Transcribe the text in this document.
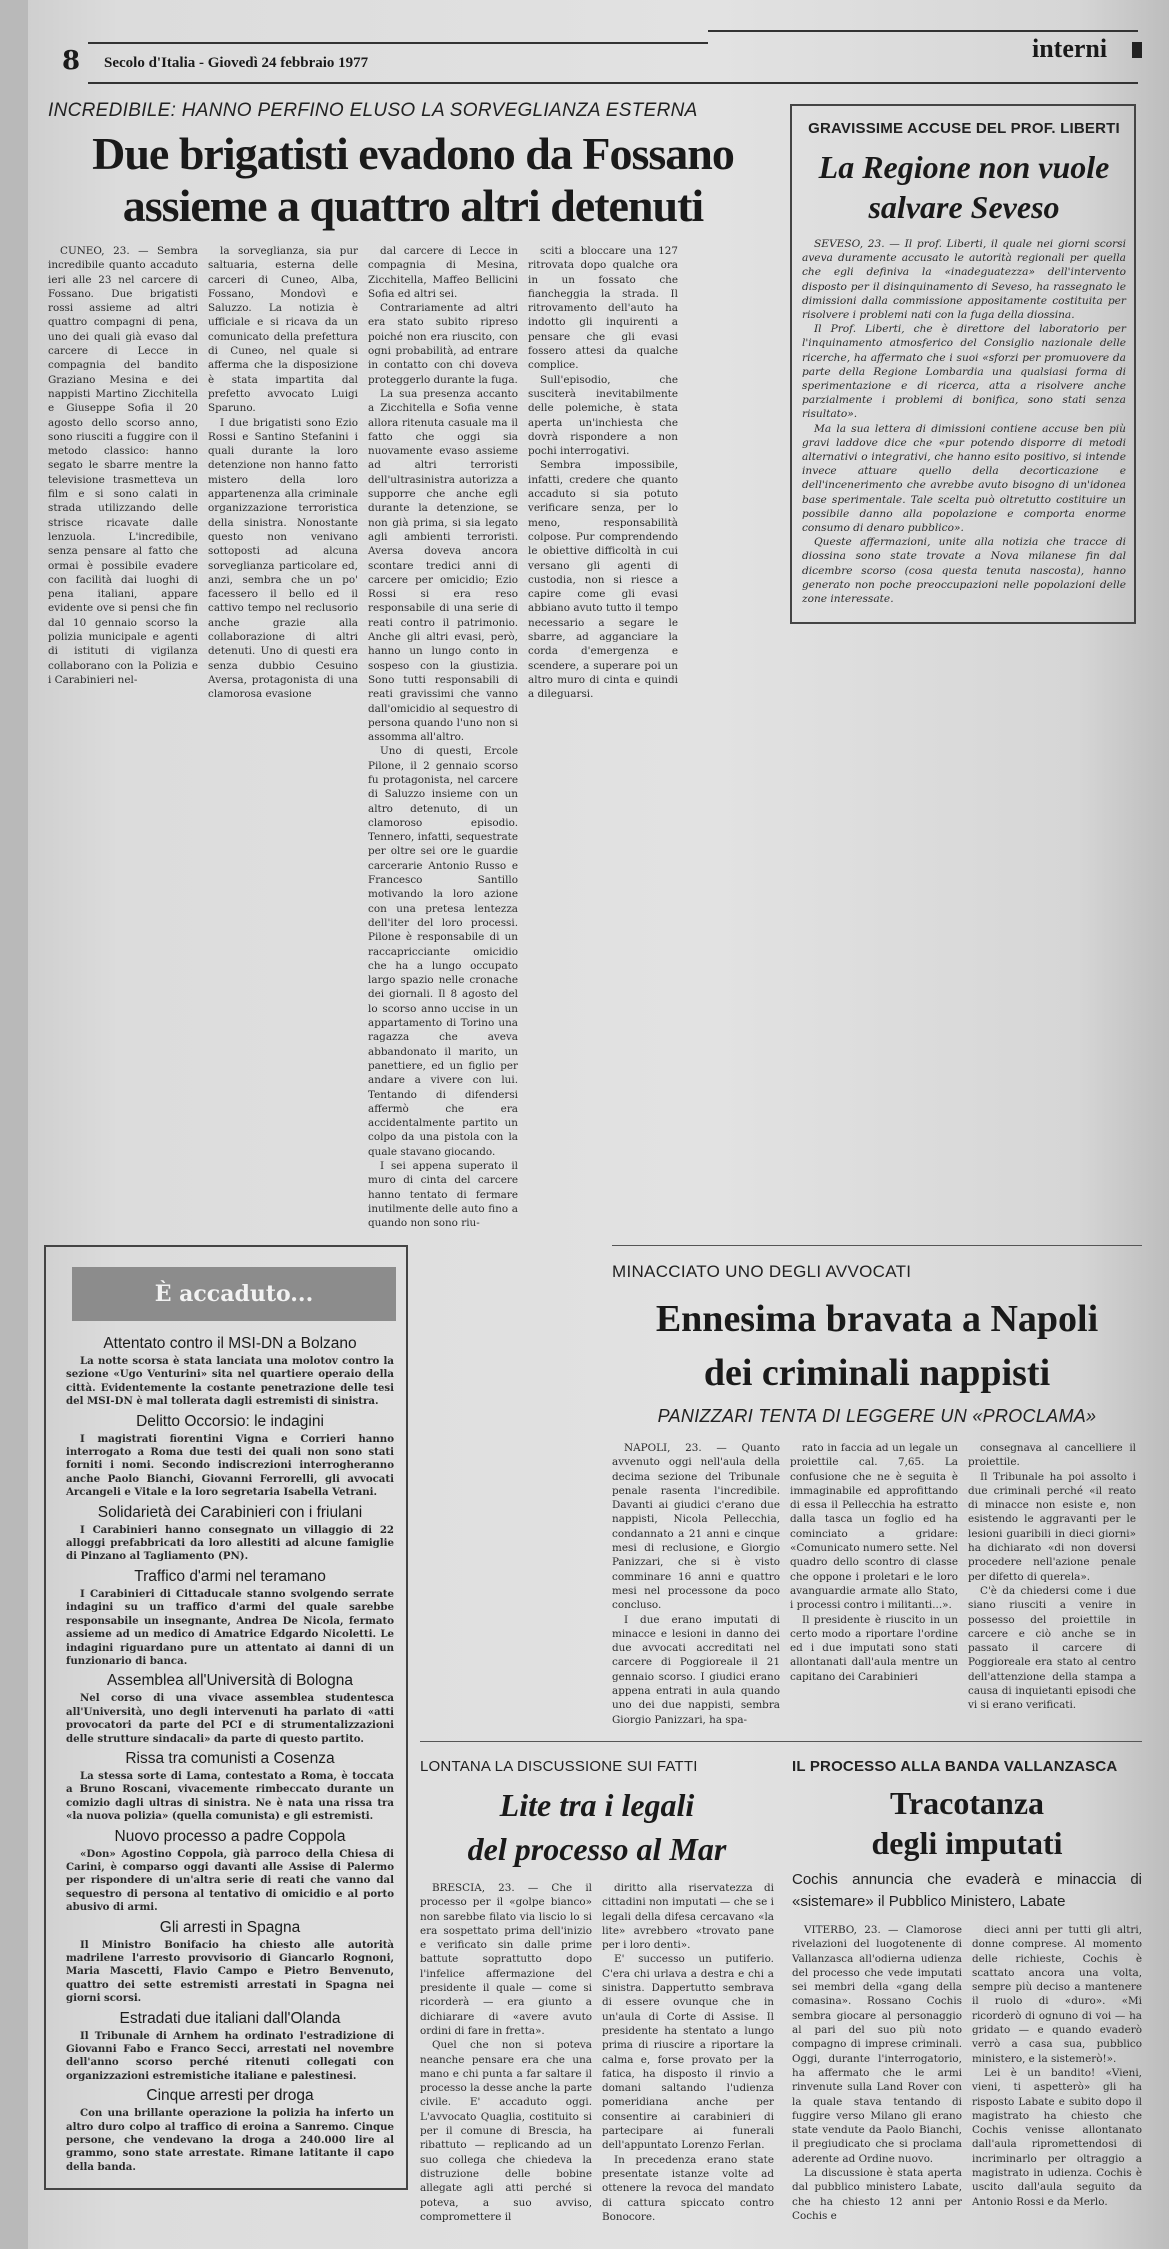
8 Secolo d'Italia - Giovedì 24 febbraio 1977	interni
INCREDIBILE: HANNO PERFINO ELUSO LA SORVEGLIANZA ESTERNA
Due brigatisti evadono da Fossano
assieme a quattro altri detenuti

CUNEO, 23. — Sembra incredibile quanto accaduto ieri alle 23 nel carcere di Fossano. Due brigatisti rossi assieme ad altri quattro compagni di pena, uno dei quali già evaso dal carcere di Lecce in compagnia del bandito Graziano Mesina e dei nappisti Martino Zicchitella e Giuseppe Sofia il 20 agosto dello scorso anno, sono riusciti a fuggire con il metodo classico: hanno segato le sbarre mentre la televisione trasmetteva un film e si sono calati in strada utilizzando delle strisce ricavate dalle lenzuola. L'incredibile, senza pensare al fatto che ormai è possibile evadere con facilità dai luoghi di pena italiani, appare evidente ove si pensi che fin dal 10 gennaio scorso la polizia municipale e agenti di istituti di vigilanza collaborano con la Polizia e i Carabinieri nel-

la sorveglianza, sia pur saltuaria, esterna delle carceri di Cuneo, Alba, Fossano, Mondovì e Saluzzo. La notizia è ufficiale e si ricava da un comunicato della prefettura di Cuneo, nel quale si afferma che la disposizione è stata impartita dal prefetto avvocato Luigi Sparuno.

I due brigatisti sono Ezio Rossi e Santino Stefanini i quali durante la loro detenzione non hanno fatto mistero della loro appartenenza alla criminale organizzazione terroristica della sinistra. Nonostante questo non venivano sottoposti ad alcuna sorveglianza particolare ed, anzi, sembra che un po' facessero il bello ed il cattivo tempo nel reclusorio anche grazie alla collaborazione di altri detenuti. Uno di questi era senza dubbio Cesuino Aversa, protagonista di una clamorosa evasione

dal carcere di Lecce in compagnia di Mesina, Zicchitella, Maffeo Bellicini Sofia ed altri sei.

Contrariamente ad altri era stato subito ripreso poiché non era riuscito, con ogni probabilità, ad entrare in contatto con chi doveva proteggerlo durante la fuga.

La sua presenza accanto a Zicchitella e Sofia venne allora ritenuta casuale ma il fatto che oggi sia nuovamente evaso assieme ad altri terroristi dell'ultrasinistra autorizza a supporre che anche egli durante la detenzione, se non già prima, si sia legato agli ambienti terroristi. Aversa doveva ancora scontare tredici anni di carcere per omicidio; Ezio Rossi si era reso responsabile di una serie di reati contro il patrimonio. Anche gli altri evasi, però, hanno un lungo conto in sospeso con la giustizia. Sono tutti responsabili di reati gravissimi che vanno dall'omicidio al sequestro di persona quando l'uno non si assomma all'altro.

Uno di questi, Ercole Pilone, il 2 gennaio scorso fu protagonista, nel carcere di Saluzzo insieme con un altro detenuto, di un clamoroso episodio. Tennero, infatti, sequestrate per oltre sei ore le guardie carcerarie Antonio Russo e Francesco Santillo motivando la loro azione con una pretesa lentezza dell'iter del loro processi. Pilone è responsabile di un raccapricciante omicidio che ha a lungo occupato largo spazio nelle cronache dei giornali. Il 8 agosto del lo scorso anno uccise in un appartamento di Torino una ragazza che aveva abbandonato il marito, un panettiere, ed un figlio per andare a vivere con lui. Tentando di difendersi affermò che era accidentalmente partito un colpo da una pistola con la quale stavano giocando.

I sei appena superato il muro di cinta del carcere hanno tentato di fermare inutilmente delle auto fino a quando non sono riu-

sciti a bloccare una 127 ritrovata dopo qualche ora in un fossato che fiancheggia la strada. Il ritrovamento dell'auto ha indotto gli inquirenti a pensare che gli evasi fossero attesi da qualche complice.

Sull'episodio, che susciterà inevitabilmente delle polemiche, è stata aperta un'inchiesta che dovrà rispondere a non pochi interrogativi.

Sembra impossibile, infatti, credere che quanto accaduto si sia potuto verificare senza, per lo meno, responsabilità colpose. Pur comprendendo le obiettive difficoltà in cui versano gli agenti di custodia, non si riesce a capire come gli evasi abbiano avuto tutto il tempo necessario a segare le sbarre, ad agganciare la corda d'emergenza e scendere, a superare poi un altro muro di cinta e quindi a dileguarsi.

È accaduto...
Attentato contro il MSI-DN a Bolzano

La notte scorsa è stata lanciata una molotov contro la sezione «Ugo Venturini» sita nel quartiere operaio della città. Evidentemente la costante penetrazione delle tesi del MSI-DN è mal tollerata dagli estremisti di sinistra.

Delitto Occorsio: le indagini

I magistrati fiorentini Vigna e Corrieri hanno interrogato a Roma due testi dei quali non sono stati forniti i nomi. Secondo indiscrezioni interrogheranno anche Paolo Bianchi, Giovanni Ferrorelli, gli avvocati Arcangeli e Vitale e la loro segretaria Isabella Vetrani.

Solidarietà dei Carabinieri con i friulani

I Carabinieri hanno consegnato un villaggio di 22 alloggi prefabbricati da loro allestiti ad alcune famiglie di Pinzano al Tagliamento (PN).

Traffico d'armi nel teramano

I Carabinieri di Cittaducale stanno svolgendo serrate indagini su un traffico d'armi del quale sarebbe responsabile un insegnante, Andrea De Nicola, fermato assieme ad un medico di Amatrice Edgardo Nicoletti. Le indagini riguardano pure un attentato ai danni di un funzionario di banca.

Assemblea all'Università di Bologna

Nel corso di una vivace assemblea studentesca all'Università, uno degli intervenuti ha parlato di «atti provocatori da parte del PCI e di strumentalizzazioni delle strutture sindacali» da parte di questo partito.

Rissa tra comunisti a Cosenza

La stessa sorte di Lama, contestato a Roma, è toccata a Bruno Roscani, vivacemente rimbeccato durante un comizio dagli ultras di sinistra. Ne è nata una rissa tra «la nuova polizia» (quella comunista) e gli estremisti.

Nuovo processo a padre Coppola

«Don» Agostino Coppola, già parroco della Chiesa di Carini, è comparso oggi davanti alle Assise di Palermo per rispondere di un'altra serie di reati che vanno dal sequestro di persona al tentativo di omicidio e al porto abusivo di armi.

Gli arresti in Spagna

Il Ministro Bonifacio ha chiesto alle autorità madrilene l'arresto provvisorio di Giancarlo Rognoni, Maria Mascetti, Flavio Campo e Pietro Benvenuto, quattro dei sette estremisti arrestati in Spagna nei giorni scorsi.

Estradati due italiani dall'Olanda

Il Tribunale di Arnhem ha ordinato l'estradizione di Giovanni Fabo e Franco Secci, arrestati nel novembre dell'anno scorso perché ritenuti collegati con organizzazioni estremistiche italiane e palestinesi.

Cinque arresti per droga

Con una brillante operazione la polizia ha inferto un altro duro colpo al traffico di eroina a Sanremo. Cinque persone, che vendevano la droga a 240.000 lire al grammo, sono state arrestate. Rimane latitante il capo della banda.

GRAVISSIME ACCUSE DEL PROF. LIBERTI
La Regione non vuole
salvare Seveso

SEVESO, 23. — Il prof. Liberti, il quale nei giorni scorsi aveva duramente accusato le autorità regionali per quella che egli definiva la «inadeguatezza» dell'intervento disposto per il disinquinamento di Seveso, ha rassegnato le dimissioni dalla commissione appositamente costituita per risolvere i problemi nati con la fuga della diossina.

Il Prof. Liberti, che è direttore del laboratorio per l'inquinamento atmosferico del Consiglio nazionale delle ricerche, ha affermato che i suoi «sforzi per promuovere da parte della Regione Lombardia una qualsiasi forma di sperimentazione e di ricerca, atta a risolvere anche parzialmente i problemi di bonifica, sono stati senza risultato».

Ma la sua lettera di dimissioni contiene accuse ben più gravi laddove dice che «pur potendo disporre di metodi alternativi o integrativi, che hanno esito positivo, si intende invece attuare quello della decorticazione e dell'incenerimento che avrebbe avuto bisogno di un'idonea base sperimentale. Tale scelta può oltretutto costituire un possibile danno alla popolazione e comporta enorme consumo di denaro pubblico».

Queste affermazioni, unite alla notizia che tracce di diossina sono state trovate a Nova milanese fin dal dicembre scorso (cosa questa tenuta nascosta), hanno generato non poche preoccupazioni nelle popolazioni delle zone interessate.

MINACCIATO UNO DEGLI AVVOCATI
Ennesima bravata a Napoli
dei criminali nappisti
PANIZZARI TENTA DI LEGGERE UN «PROCLAMA»

NAPOLI, 23. — Quanto avvenuto oggi nell'aula della decima sezione del Tribunale penale rasenta l'incredibile. Davanti ai giudici c'erano due nappisti, Nicola Pellecchia, condannato a 21 anni e cinque mesi di reclusione, e Giorgio Panizzari, che si è visto comminare 16 anni e quattro mesi nel processone da poco concluso.

I due erano imputati di minacce e lesioni in danno dei due avvocati accreditati nel carcere di Poggioreale il 21 gennaio scorso. I giudici erano appena entrati in aula quando uno dei due nappisti, sembra Giorgio Panizzari, ha spa-

rato in faccia ad un legale un proiettile cal. 7,65. La confusione che ne è seguita è immaginabile ed approfittando di essa il Pellecchia ha estratto dalla tasca un foglio ed ha cominciato a gridare: «Comunicato numero sette. Nel quadro dello scontro di classe che oppone i proletari e le loro avanguardie armate allo Stato, i processi contro i militanti...».

Il presidente è riuscito in un certo modo a riportare l'ordine ed i due imputati sono stati allontanati dall'aula mentre un capitano dei Carabinieri

consegnava al cancelliere il proiettile.

Il Tribunale ha poi assolto i due criminali perché «il reato di minacce non esiste e, non esistendo le aggravanti per le lesioni guaribili in dieci giorni» ha dichiarato «di non doversi procedere nell'azione penale per difetto di querela».

C'è da chiedersi come i due siano riusciti a venire in possesso del proiettile in carcere e ciò anche se in passato il carcere di Poggioreale era stato al centro dell'attenzione della stampa a causa di inquietanti episodi che vi si erano verificati.

LONTANA LA DISCUSSIONE SUI FATTI
Lite tra i legali
del processo al Mar

BRESCIA, 23. — Che il processo per il «golpe bianco» non sarebbe filato via liscio lo si era sospettato prima dell'inizio e verificato sin dalle prime battute soprattutto dopo l'infelice affermazione del presidente il quale — come si ricorderà — era giunto a dichiarare di «avere avuto ordini di fare in fretta».

Quel che non si poteva neanche pensare era che una mano e chi punta a far saltare il processo la desse anche la parte civile. E' accaduto oggi. L'avvocato Quaglia, costituito si per il comune di Brescia, ha ribattuto — replicando ad un suo collega che chiedeva la distruzione delle bobine allegate agli atti perché si poteva, a suo avviso, compromettere il

diritto alla riservatezza di cittadini non imputati — che se i legali della difesa cercavano «la lite» avrebbero «trovato pane per i loro denti».

E' successo un putiferio. C'era chi urlava a destra e chi a sinistra. Dappertutto sembrava di essere ovunque che in un'aula di Corte di Assise. Il presidente ha stentato a lungo prima di riuscire a riportare la calma e, forse provato per la fatica, ha disposto il rinvio a domani saltando l'udienza pomeridiana anche per consentire ai carabinieri di partecipare ai funerali dell'appuntato Lorenzo Ferlan.

In precedenza erano state presentate istanze volte ad ottenere la revoca del mandato di cattura spiccato contro Bonocore.

IL PROCESSO ALLA BANDA VALLANZASCA
Tracotanza
degli imputati
Cochis annuncia che evaderà e minaccia di «sistemare» il Pubblico Ministero, Labate

VITERBO, 23. — Clamorose rivelazioni del luogotenente di Vallanzasca all'odierna udienza del processo che vede imputati sei membri della «gang della comasina». Rossano Cochis sembra giocare al personaggio al pari del suo più noto compagno di imprese criminali. Oggi, durante l'interrogatorio, ha affermato che le armi rinvenute sulla Land Rover con la quale stava tentando di fuggire verso Milano gli erano state vendute da Paolo Bianchi, il pregiudicato che si proclama aderente ad Ordine nuovo.

La discussione è stata aperta dal pubblico ministero Labate, che ha chiesto 12 anni per Cochis e

dieci anni per tutti gli altri, donne comprese. Al momento delle richieste, Cochis è scattato ancora una volta, sempre più deciso a mantenere il ruolo di «duro». «Mi ricorderò di ognuno di voi — ha gridato — e quando evaderò verrò a casa sua, pubblico ministero, e la sistemerò!».

Lei è un bandito! «Vieni, vieni, ti aspetterò» gli ha risposto Labate e subito dopo il magistrato ha chiesto che Cochis venisse allontanato dall'aula ripromettendosi di incriminarlo per oltraggio a magistrato in udienza. Cochis è uscito dall'aula seguito da Antonio Rossi e da Merlo.
